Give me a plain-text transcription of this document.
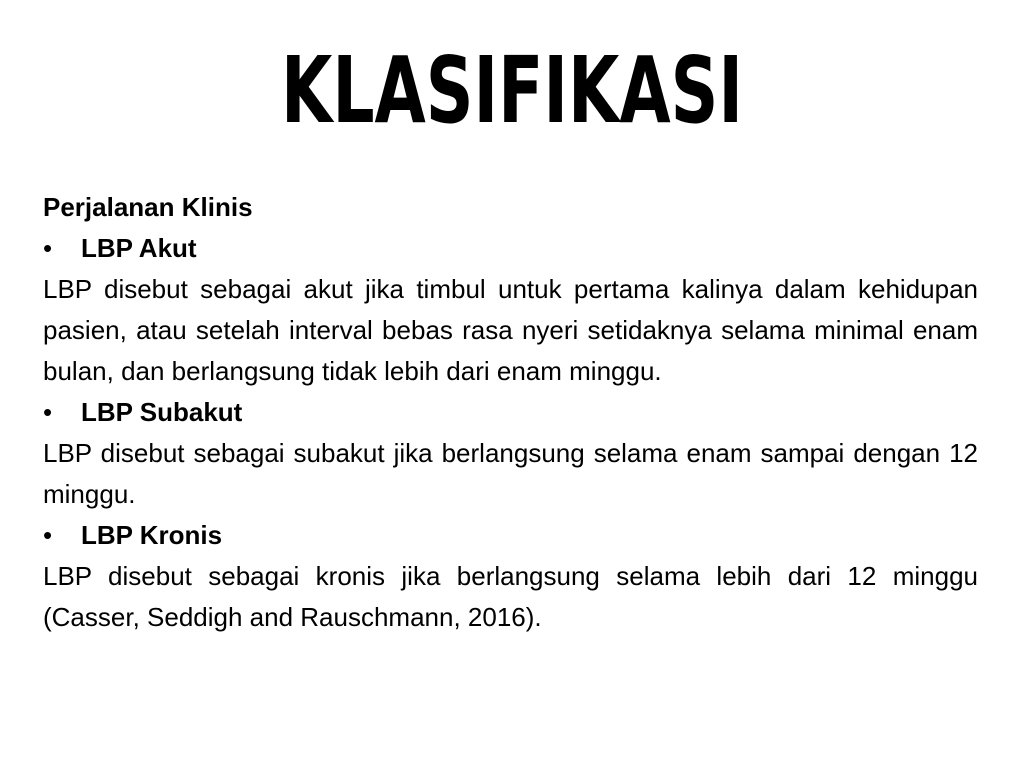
KLASIFIKASI
Perjalanan Klinis
•	LBP Akut

LBP disebut sebagai akut jika timbul untuk pertama kalinya dalam kehidupan pasien, atau setelah interval bebas rasa nyeri setidaknya selama minimal enam bulan, dan berlangsung tidak lebih dari enam minggu.

•	LBP Subakut

LBP disebut sebagai subakut jika berlangsung selama enam sampai dengan 12 minggu.

•	LBP Kronis

LBP disebut sebagai kronis jika berlangsung selama lebih dari 12 minggu (Casser, Seddigh and Rauschmann, 2016).
